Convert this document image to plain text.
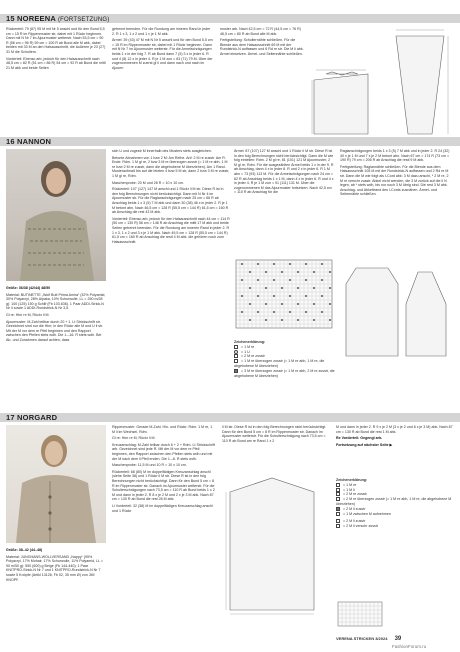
15 NOREENA (FORTSETZUNG)

Rückenteil: 79 (87) 95 M mit Nr 5 anschl und für den Bund 5,5 cm = 15 R im Rippenmuster str, dabei mit 1 Rückr beginnen. Dann mit N Nr 7 im Ajourmuster weiterstr. Nach 53,5 cm = 90 R (56 cm = 96 R) 59 cm = 100 R ab Bund alle M abk, dabei beiden mit 33 M an den Halsausschnitt, die äußeren je 23 (27) 31 M die Schultern.

Vorderteil: Ebenso arb, jedoch für den Halsausschnitt nach 48,5 cm = 82 R (51 cm = 86 R) 54 cm = 92 R ab Bund die mittl 21 M abk und beide Seiten

getrennt beenden. Für die Rundung am inneren Rand in jeder 2. R 1 x 3, 1 x 2 und 1 x je 1 M abk.

Ärmel: 39 (43) 47 M mit N Nr 5 anschl und für den Bund 5,5 cm = 15 R im Rippenmuster str, dabei mit 1 Rückr beginnen. Dann mit N Nr 7 im Ajourmuster weiterstr. Für die Armelschrägungen beids 1 x in der folg 7. R ab Bund dann 7 (5) 3 x in jeder 6. R und 4 (8) 12 x in jeder 4. R je 1 M zun = 63 (71) 79 M. Über der zugenommenen M zuerst gl li und dann nach und nach im Ajourm

muster arb. Nach 42,5 cm = 72 R (44,5 cm = 76 R) 46,5 cm = 80 R ab Bund alle M abk.

Fertigstellung: Schulternähte schließen. Für die Blende aus dem Halsausschnitt 69 M mit der Rundstrick-N auffassen und 6 Rd re str. Die M li abk. Ärmel einsetzen. Ärmel- und Seitennähte schließen.

16 NANNON

Größe: 36/38 (42/44) 48/50

Material: BUTINETTE „Wolf Butt Prima Amira“ (32% Polyamid, 30% Polyacryl, 28% Alpaka, 10% Schurwolle, LL = 250 m/28 g): 100 (125) 150 g Schilf (Fb 103.636). 1 Paar ADDI-Strick-N Nr 4 sowie 1 ADDI-Rundstrick-N Nr 3,5.

Gl re: Hinr re M, Rückr li M.

Ajourmuster: M-Zahl teilbar durch 20 + 1. Lt Strickschrift str. Gezeichnet sind nur die Hinr; in den Rückr alle M und U li str. Mit der M vor dem re Pfeil beginnen und den Rapport zwischen den Pfeilen stets wdh. Die 1.–16. R stets wdh. Bei Ab- und Zunahmen darauf achten, dass

sich U und zugestr M innerhalb des Musters stets ausgleichen.

Betonte Abnahmen von 1 bzw 2 M: Am Reihe. Anf: 2 M re zusstr. Am R. Ende: Rdm. 1 M gl re, 2 bzw 3 M re überzogen zusstr (= 1 M re abh, 1 M re bzw 2 M re zusstr, dann die abgehobene M überziehen). Am 1 Rand. Musteraufmaß bis auf die letzten 4 bzw 5 M str, dann 2 bzw 3 M re zusstr, 1 M gl re, Rdm.

Maschenprobe: 20 M und 26 R = 10 x 10 cm.

Rückenteil: 107 (127) 147 M anschl und 1 Rückr li M str. Diese R ist in den folg Berechnungen nicht berücksichtigt. Dann mit N Nr 4 im Ajourmuster str. Für die Raglanschrägungen nach 25 cm = 66 R ab Anschlag beids 1 x 3 (5) 7 M abk und dann 30 (38) 46 x in jeder 2. R je 1 M betont abn. Nach 46,5 cm = 128 R (55,5 cm = 144 R) 61,5 cm = 160 R ab Anschlag die rest 43 M abk.

Vorderteil: Ebenso arb, jedoch für den Halsausschnitt nach 44 cm = 114 R (50 cm = 130 R) 56 cm = 146 R ab Anschlag die mittl 17 M abk und beide Seiten getrennt beenden. Für die Rundung am inneren Rand in jeder 2. R 1 x 3, 1 x 2 und 3 x je 1 M abk. Nach 49,5 cm = 128 R (55,5 cm = 144 R) 61,5 cm = 160 R ab Anschlag die restl 4 M abk. die gehören noch zum Halsausschnitt.

Ärmel: 87 (107) 127 M anschl und 1 Rückr li M str. Diese R ist in den folg Berechnungen nicht berücksichtigt. Dann die M wie folg einteilen: Rdm. 2 M gl re, 81 (101) 121 M Ajourmuster, 2 M gl re, Rdm. Für die ausgezählten Ärmel beids 1 x in der 9. R ab Anschlag, dann 4 x in jeder 8. R und 2 x in jeder 6. R 1 M abn = 73 (93) 113 M. Für die Armelschrägungen nach 24 cm = 62 R ab Anschlag beids 1 x 1 M, dann 4 x in jeder 6. R und 4 x in jeder 4. R je 1 M zun = 91 (111) 131 M. Über die zugenommenen M das Ajourmuster fortsetzen. Nach 42,5 cm = 110 R ab Anschlag für die

Raglanschrägungen beids 1 x 3 (5) 7 M abk und in jeder 2. R 24 (32) 40 x je 1 M und 7 x je 2 M betont abn. Nach 67 cm = 174 R (73 cm = 190 R) 79 cm = 206 R ab Anschlag die restl 9 M abk.

Fertigstellung: Raglannähte schließen. Für die Blende aus dem Halsausschnitt 105 M mit der Rundstrick-N auffassen und 2 Rd re M str. Dann die M wie folgt als I-Cord abk: 3 M dazu anschl, * 2 M re, 2 M re verschr zusstr. Abkel nicht wenden, die 3 M zurück auf die li N legen, ab * stets wdh, bis nur noch 3 M übrig sind. Die rest 3 M abk. Anschlag- und Abkettrand des I-Cords zusnähen. Ärmel- und Seitennähte schließen.

Zeichenerklärung:
= 1 M re
= 1 U
= 2 M re zusstr
= 1 M re überzogen zusstr (= 1 M re abh, 1 M re, die abgehobene M überziehen)
= 3 M re überzogen zusstr (= 1 M re abh, 2 M re zusstr, die abgehobene M überziehen)
17 NORGARD

Größe: 38–42 (44–48)

Material: JUNGHANS-WOLLVERSAND „Nappy“ (95% Polyacryl, 17% Mohair, 17% Schurwolle, 11% Polyamid, LL = 90 m/50 g): 550 (600) g Beige (Fb 144-440); 1 Paar KNITPRO-Strick-N Nr 7 und 1 KNITPRO-Rundstrick-N Nr 7 sowie 5 Knöpfe (Artikl 13126, Fb 02, 35 mm Ø) von JIM KNOPF.

Rippenmuster: Gerade M-Zahl. Hin- und Rückr: Rdm. 1 M re, 1 M li im Wechsel, Rdm.

Gl re: Hinr re M, Rückr li M.

Kreuzanschlag: M-Zahl teilbar durch 6 + 2 + Rdm. Lt Strickschrift arb. Gezeichnet sind jede R. Mit der M vor dem re Pfeil beginnen, den Rapport zwischen den Pfeilen stets wdh und mit der M nach dem li Pfeil enden. Die 1.–6. R stets wdh.

Maschenprobe: 11,5 M und 10 R = 10 x 10 cm.

Rückenteil: 68 (80) M im doppelfädigen Kreuzanschlag anschl (siehe Seite 38) und 1 Rückr li M str. Diese R ist in den folg Berechnungen nicht berücksichtigt. Dann für den Bund 5 cm = 8 R im Rippenmuster str. Danach im Ajourmuster weiterstr. Für die Schulterschrägungen nach 73,5 cm = 110 R ab Bund beids 1 x 2 M und dann in jeder 2. R 8 x je 2 M und 2 x je 3 M abk. Nach 87 cm = 130 R ab Bund die rest 28 M abk.

Li Vorderteil: 32 (38) M im doppelfädigen Kreuzanschlag anschl und 1 Rückr

li M str. Diese R ist in den folg Berechnungen nicht berücksichtigt. Dann für den Bund 5 cm = 8 R im Rippenmuster str. Danach im Ajourmuster weiterstr. Für die Schulterschrägung nach 73,5 cm = 110 R ab Bund am re Rand 1 x 2

M und dann in jeder 2. R 9 x je 2 M (3 x je 2 und 6 x je 3 M) abk. Nach 87 cm = 130 R ab Bund die rest 1 M abk.

Re Vorderteil: Gegengl arb.

Fortsetzung auf nächster Seite ▶

Zeichenerklärung:
= 1 M re
= 1 M li
= 2 M re zusstr
= 2 M re überzogen zusstr (= 1 M re abh, 1 M re, die abgehobene M überziehen)
= 2 M li zusstr
= 1 M zwischen M aufnehmen
= 2 M li zusstr
= 2 M li verschr zusstr
VERENA STRICKEN 3/2024 39
FashionForum.ru
